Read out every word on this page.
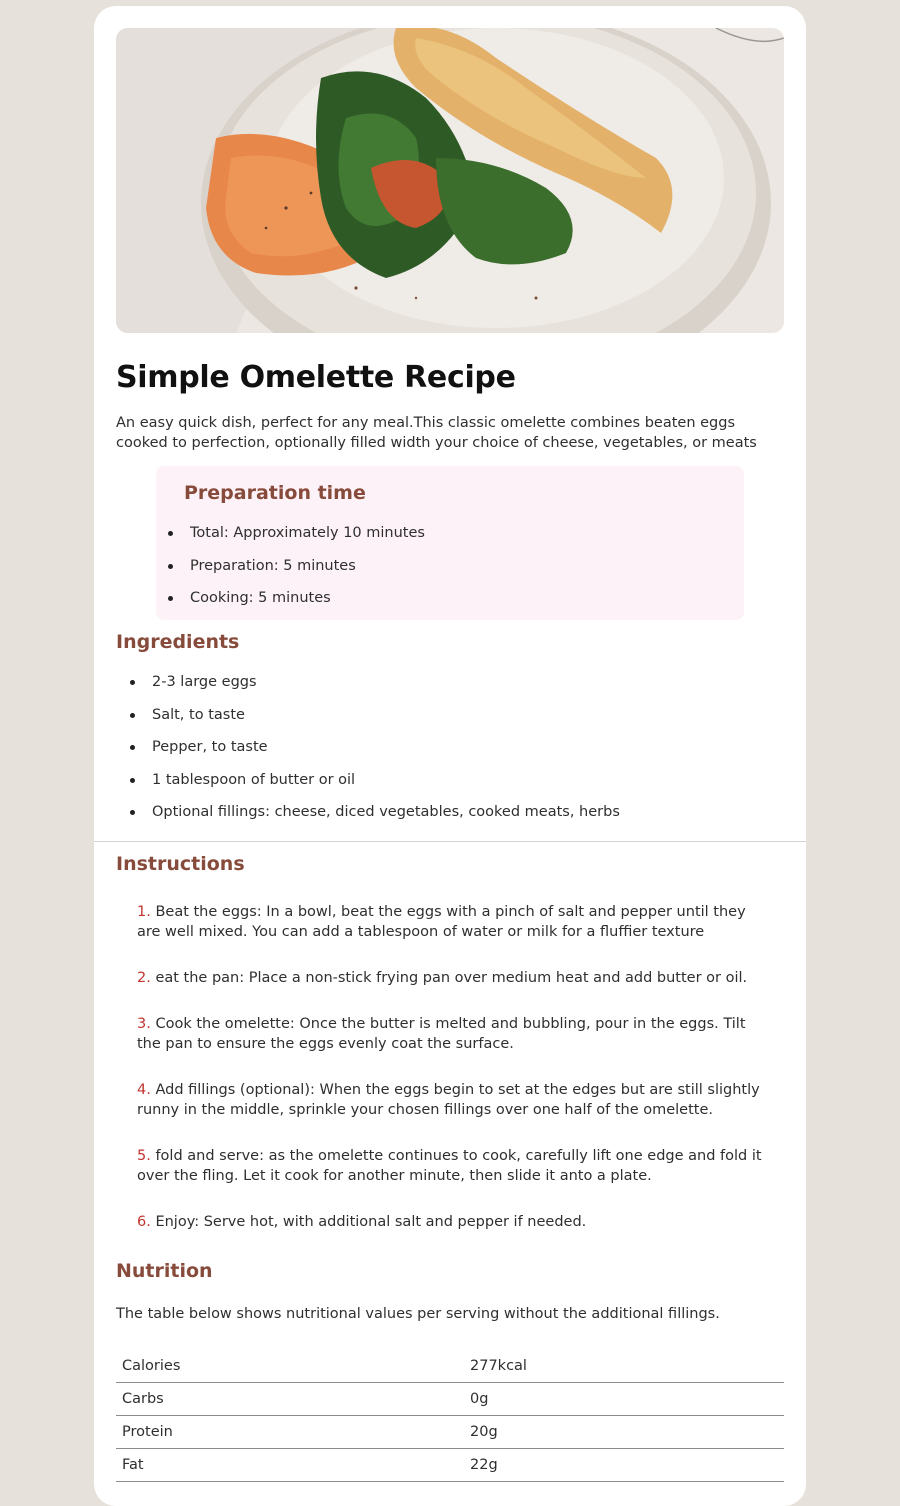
Simple Omelette Recipe

An easy quick dish, perfect for any meal.This classic omelette combines beaten eggs cooked to perfection, optionally filled width your choice of cheese, vegetables, or meats

Preparation time
Total: Approximately 10 minutes
Preparation: 5 minutes
Cooking: 5 minutes
Ingredients
2-3 large eggs
Salt, to taste
Pepper, to taste
1 tablespoon of butter or oil
Optional fillings: cheese, diced vegetables, cooked meats, herbs
Instructions
1. Beat the eggs: In a bowl, beat the eggs with a pinch of salt and pepper until they are well mixed. You can add a tablespoon of water or milk for a fluffier texture
2. eat the pan: Place a non-stick frying pan over medium heat and add butter or oil.
3. Cook the omelette: Once the butter is melted and bubbling, pour in the eggs. Tilt the pan to ensure the eggs evenly coat the surface.
4. Add fillings (optional): When the eggs begin to set at the edges but are still slightly runny in the middle, sprinkle your chosen fillings over one half of the omelette.
5. fold and serve: as the omelette continues to cook, carefully lift one edge and fold it over the fling. Let it cook for another minute, then slide it anto a plate.
6. Enjoy: Serve hot, with additional salt and pepper if needed.
Nutrition

The table below shows nutritional values per serving without the additional fillings.

Calories	277kcal
Carbs	0g
Protein	20g
Fat	22g
